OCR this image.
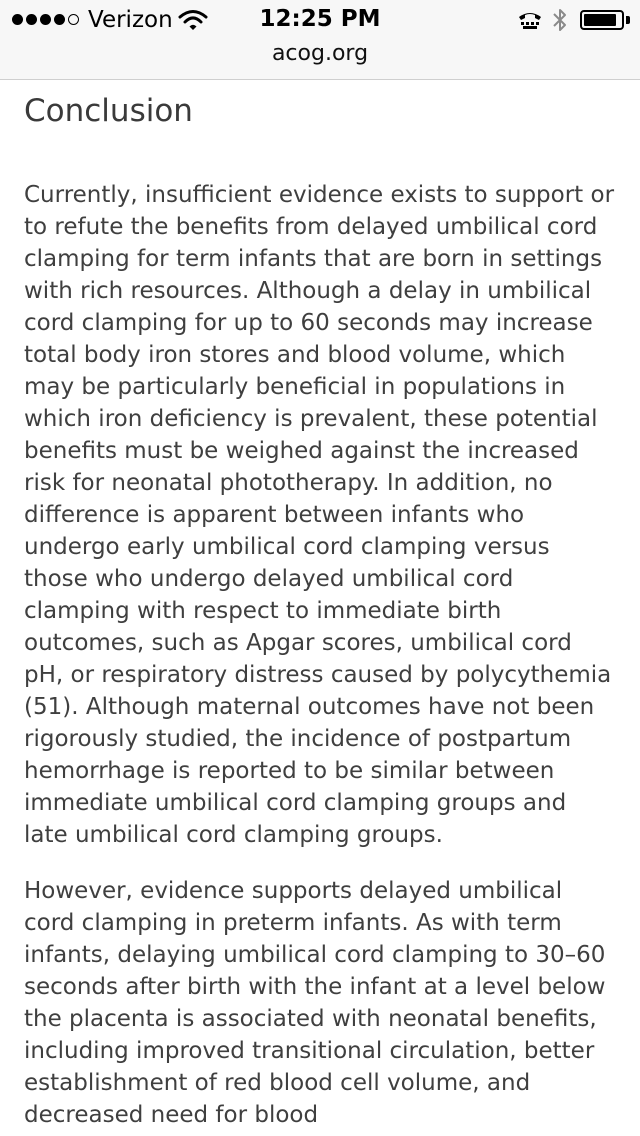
Verizon	12:25 PM
acog.org
Conclusion

Currently, insufficient evidence exists to support or to refute the benefits from delayed umbilical cord clamping for term infants that are born in settings with rich resources. Although a delay in umbilical cord clamping for up to 60 seconds may increase total body iron stores and blood volume, which may be particularly beneficial in populations in which iron deficiency is prevalent, these potential benefits must be weighed against the increased risk for neonatal phototherapy. In addition, no difference is apparent between infants who undergo early umbilical cord clamping versus those who undergo delayed umbilical cord clamping with respect to immediate birth outcomes, such as Apgar scores, umbilical cord pH, or respiratory distress caused by polycythemia (51). Although maternal outcomes have not been rigorously studied, the incidence of postpartum hemorrhage is reported to be similar between immediate umbilical cord clamping groups and late umbilical cord clamping groups.

However, evidence supports delayed umbilical cord clamping in preterm infants. As with term infants, delaying umbilical cord clamping to 30–60 seconds after birth with the infant at a level below the placenta is associated with neonatal benefits, including improved transitional circulation, better establishment of red blood cell volume, and decreased need for blood
